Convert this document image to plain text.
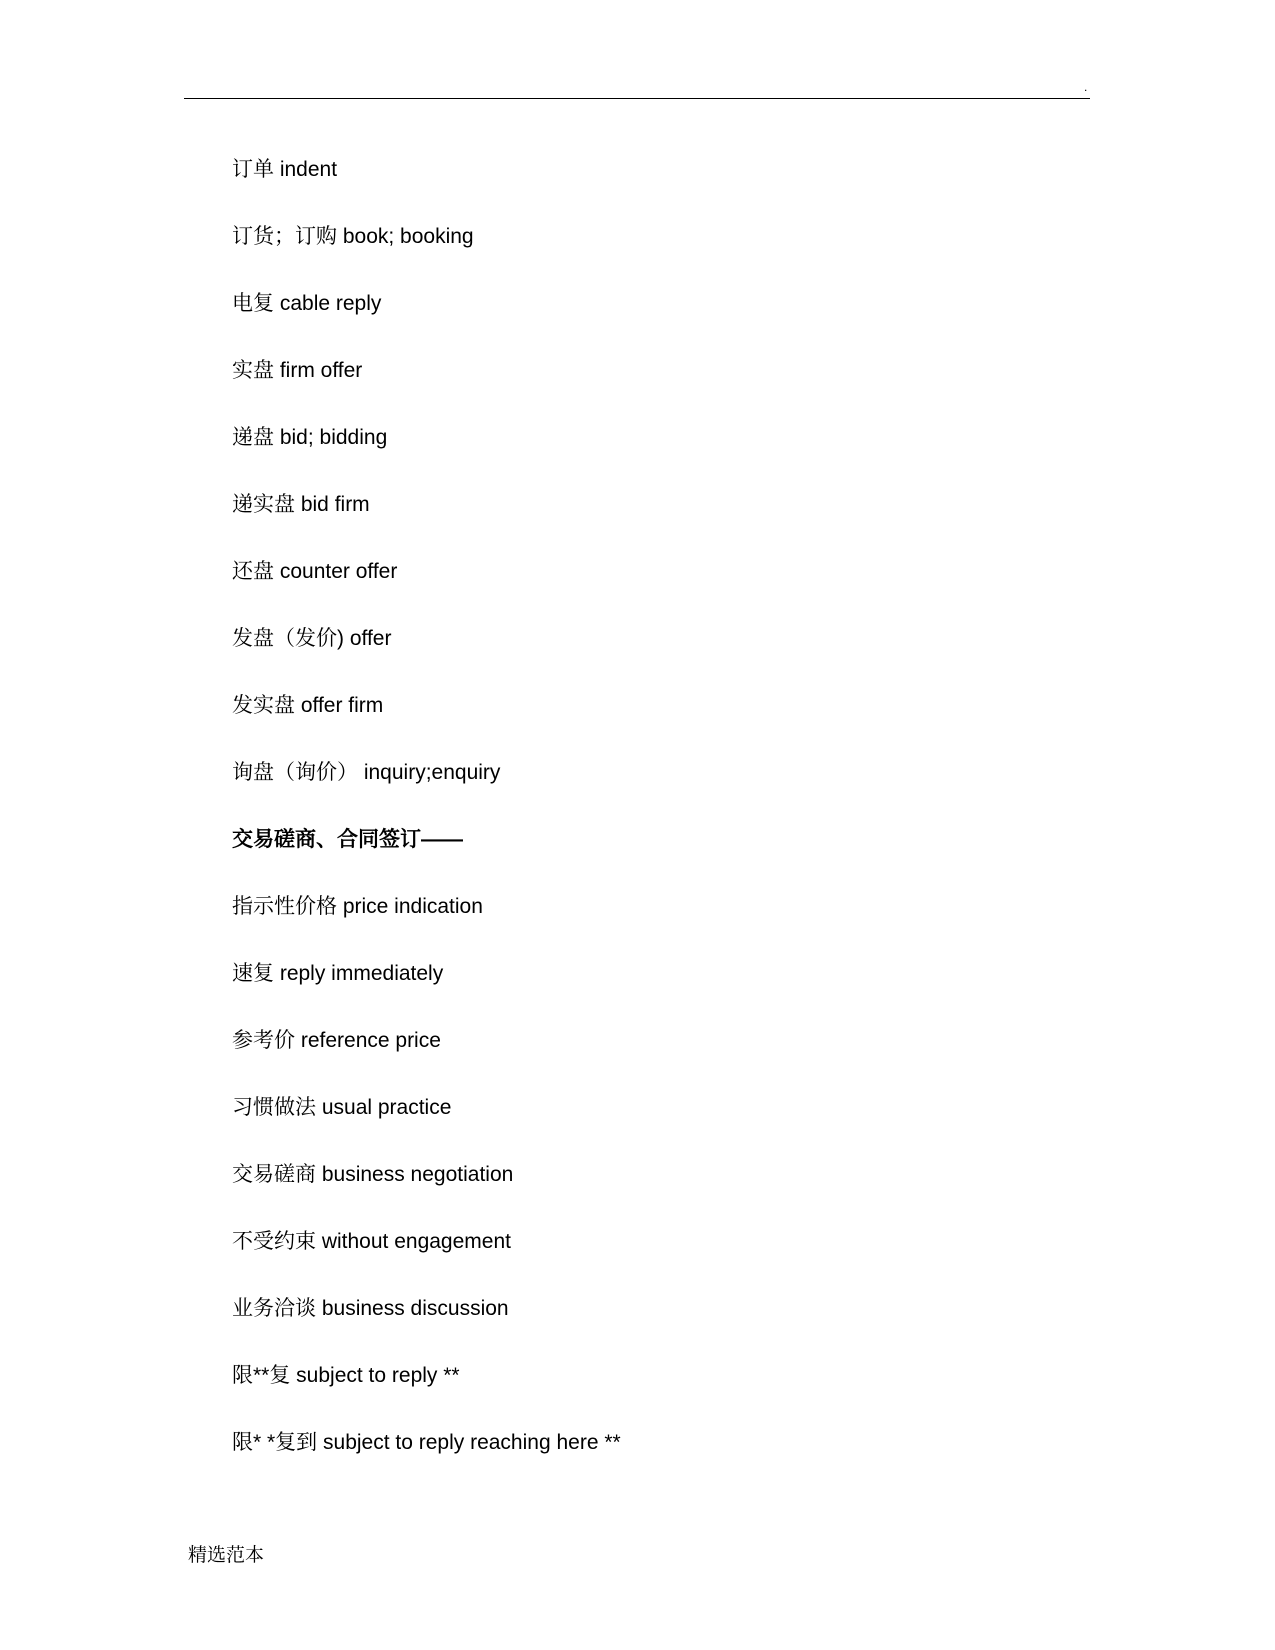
.
订单 indent
订货；订购 book; booking
电复 cable reply
实盘 firm offer
递盘 bid; bidding
递实盘 bid firm
还盘 counter offer
发盘（发价) offer
发实盘 offer firm
询盘（询价） inquiry;enquiry
交易磋商、合同签订——
指示性价格 price indication
速复 reply immediately
参考价 reference price
习惯做法 usual practice
交易磋商 business negotiation
不受约束 without engagement
业务洽谈 business discussion
限**复 subject to reply **
限* *复到 subject to reply reaching here **
精选范本
